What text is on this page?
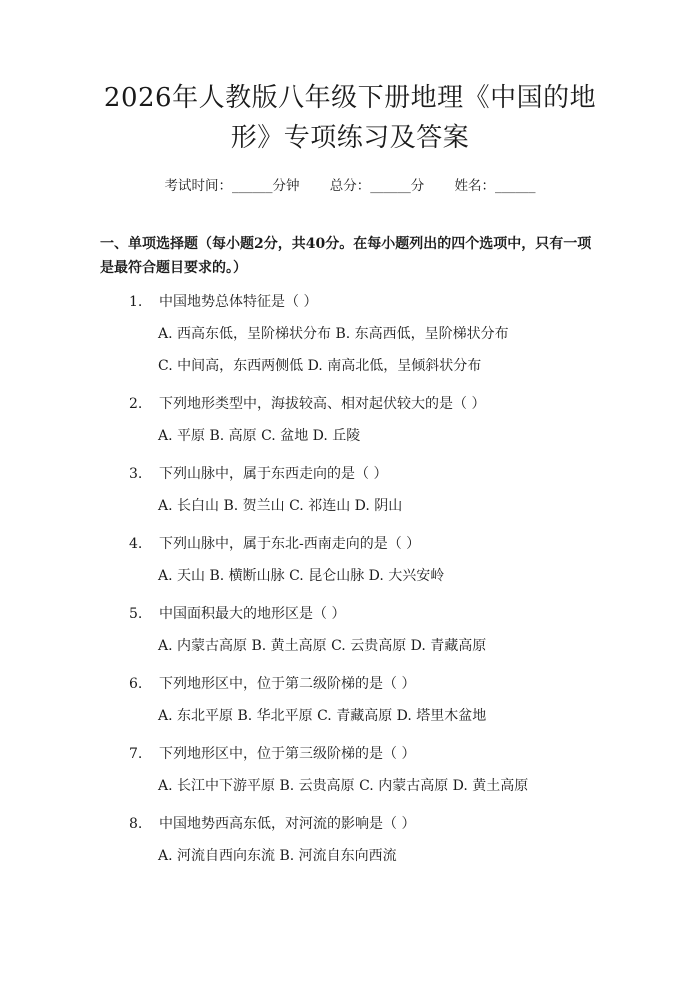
2026年人教版八年级下册地理《中国的地
形》专项练习及答案
考试时间：______分钟 总分：______分 姓名：______
一、单项选择题（每小题2分，共40分。在每小题列出的四个选项中，只有一项是最符合题目要求的。）
1.	中国地势总体特征是（ ）
A. 西高东低，呈阶梯状分布 B. 东高西低，呈阶梯状分布
C. 中间高，东西两侧低 D. 南高北低，呈倾斜状分布
2.	下列地形类型中，海拔较高、相对起伏较大的是（ ）
A. 平原 B. 高原 C. 盆地 D. 丘陵
3.	下列山脉中，属于东西走向的是（ ）
A. 长白山 B. 贺兰山 C. 祁连山 D. 阴山
4.	下列山脉中，属于东北-西南走向的是（ ）
A. 天山 B. 横断山脉 C. 昆仑山脉 D. 大兴安岭
5.	中国面积最大的地形区是（ ）
A. 内蒙古高原 B. 黄土高原 C. 云贵高原 D. 青藏高原
6.	下列地形区中，位于第二级阶梯的是（ ）
A. 东北平原 B. 华北平原 C. 青藏高原 D. 塔里木盆地
7.	下列地形区中，位于第三级阶梯的是（ ）
A. 长江中下游平原 B. 云贵高原 C. 内蒙古高原 D. 黄土高原
8.	中国地势西高东低，对河流的影响是（ ）
A. 河流自西向东流 B. 河流自东向西流
